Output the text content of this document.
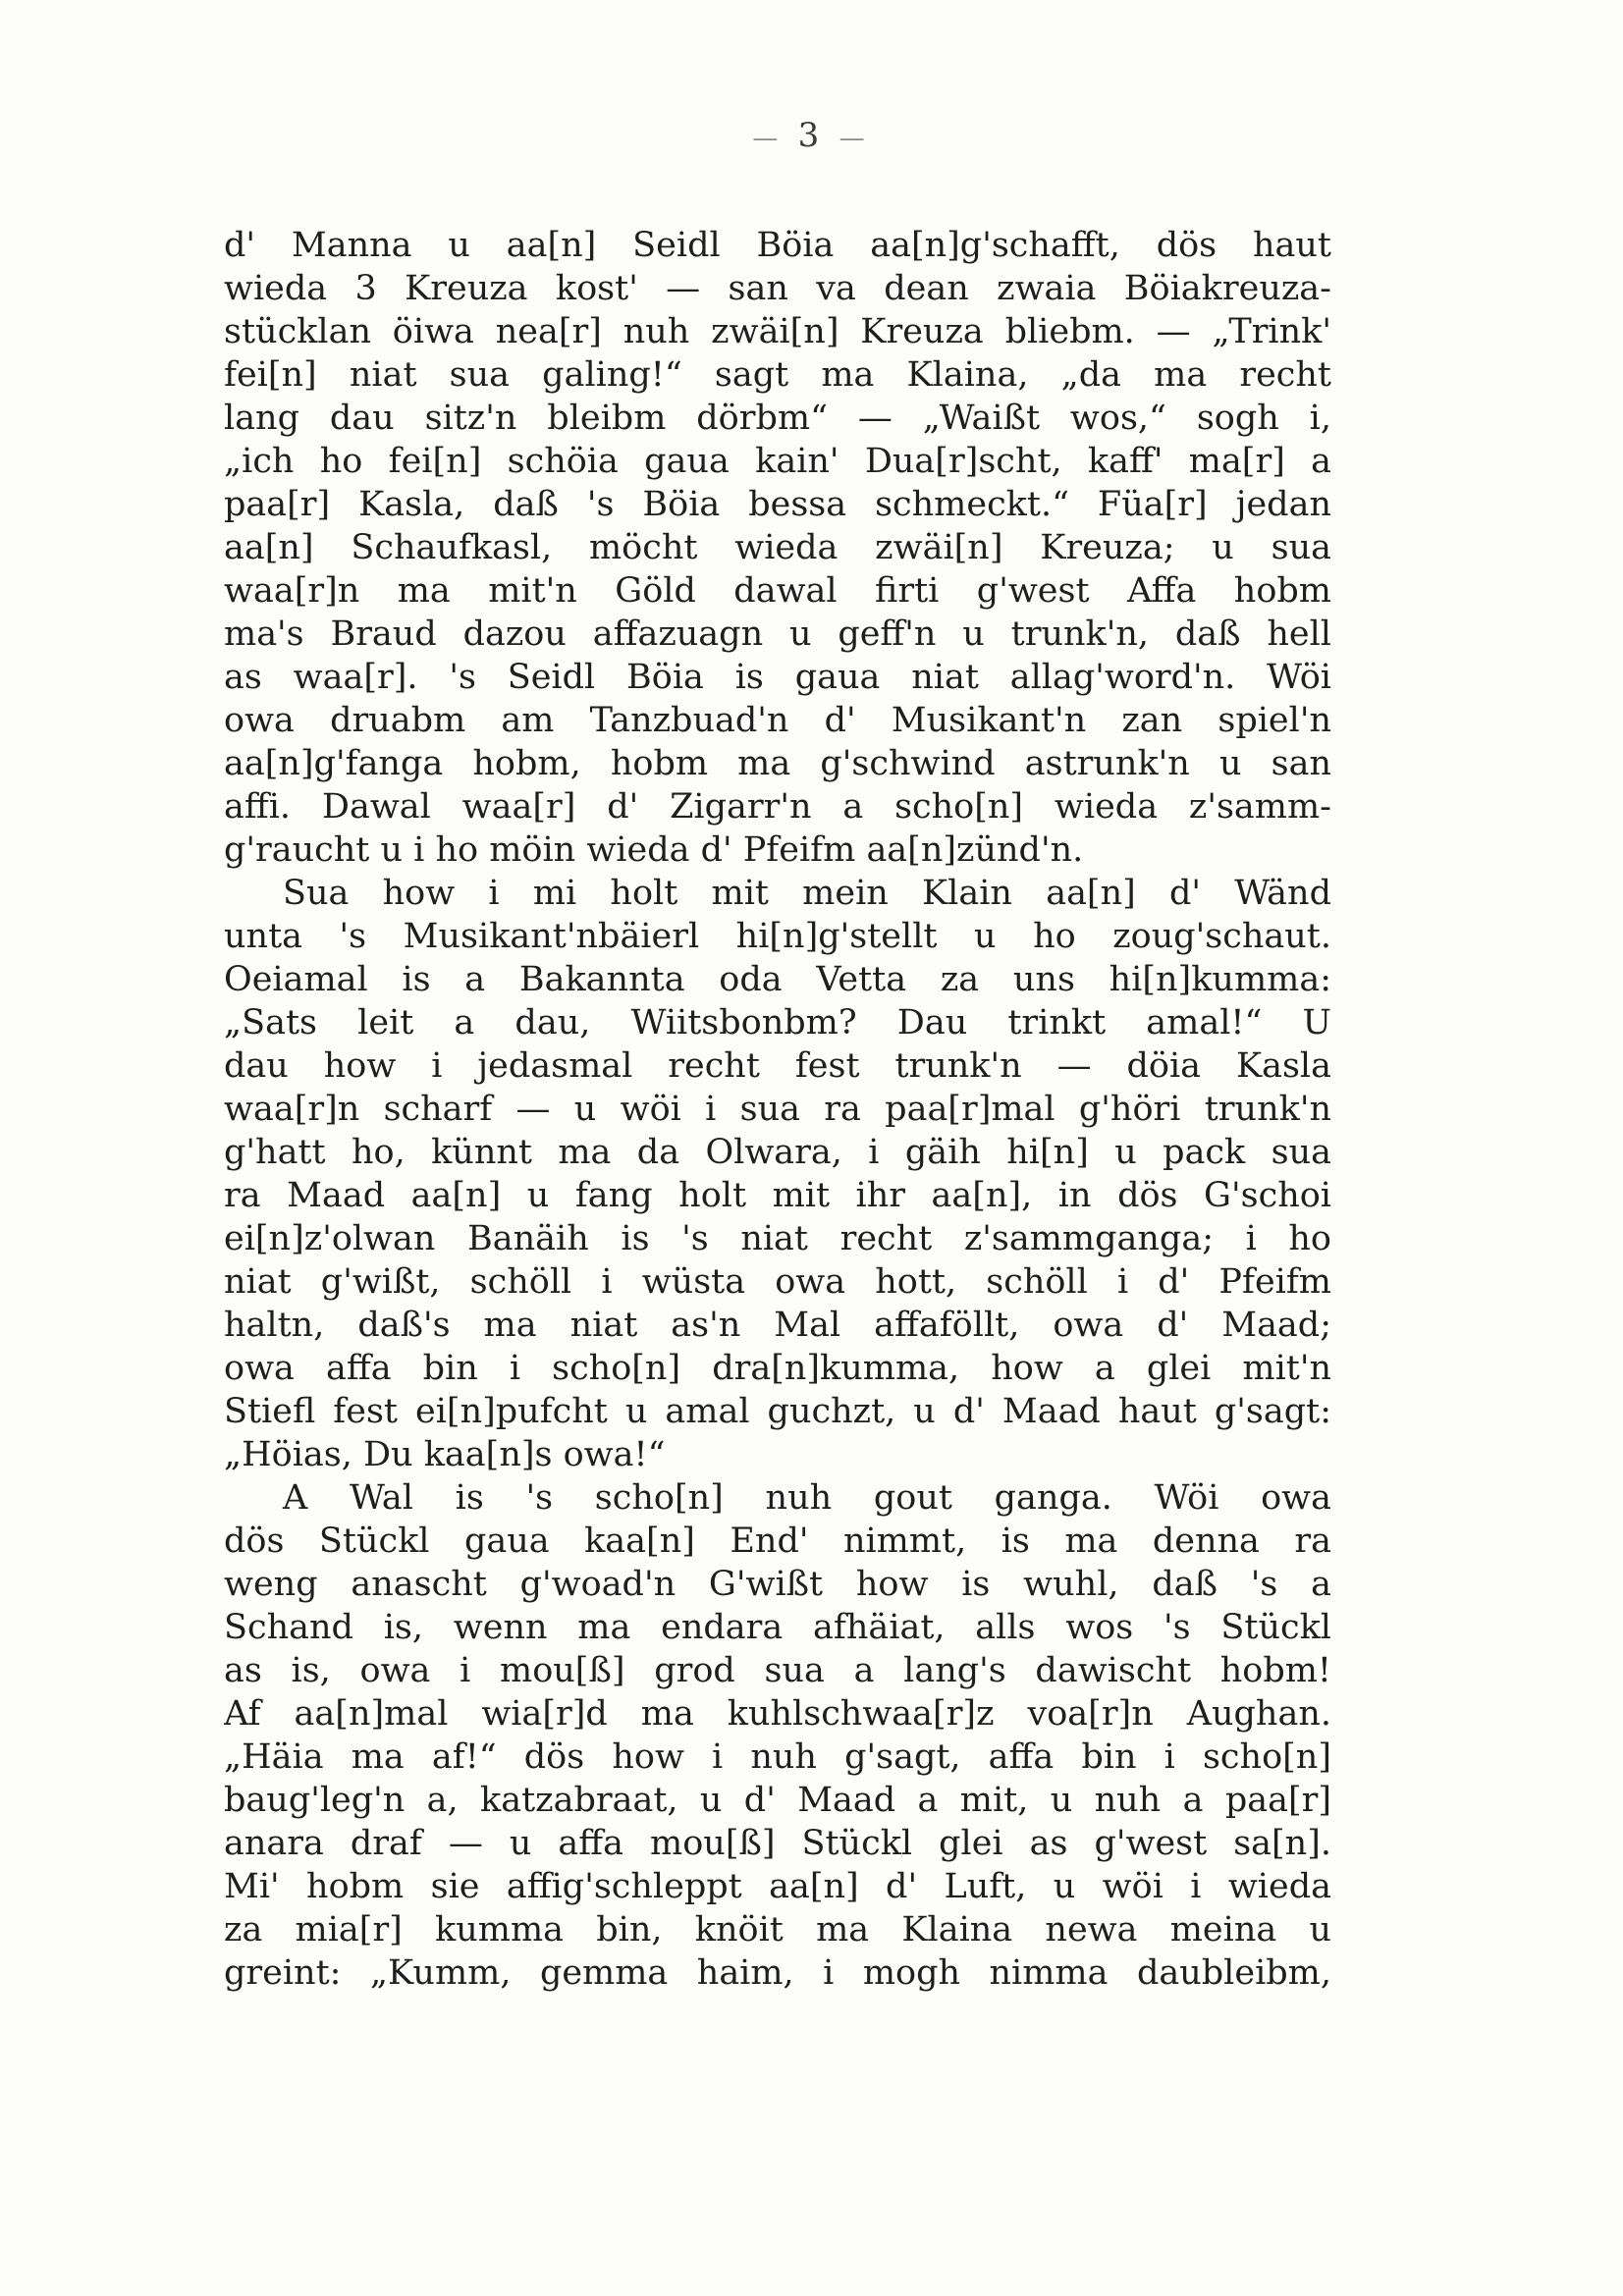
— 3 —
d' Manna u aa[n] Seidl Böia aa[n]g'schafft, dös haut
wieda 3 Kreuza kost' — san va dean zwaia Böiakreuza-
stücklan öiwa nea[r] nuh zwäi[n] Kreuza bliebm. — „Trink'
fei[n] niat sua galing!“ sagt ma Klaina, „da ma recht
lang dau sitz'n bleibm dörbm“ — „Waißt wos,“ sogh i,
„ich ho fei[n] schöia gaua kain' Dua[r]scht, kaff' ma[r] a
paa[r] Kasla, daß 's Böia bessa schmeckt.“ Füa[r] jedan
aa[n] Schaufkasl, möcht wieda zwäi[n] Kreuza; u sua
waa[r]n ma mit'n Göld dawal firti g'west Affa hobm
ma's Braud dazou affazuagn u geff'n u trunk'n, daß hell
as waa[r]. 's Seidl Böia is gaua niat allag'word'n. Wöi
owa druabm am Tanzbuad'n d' Musikant'n zan spiel'n
aa[n]g'fanga hobm, hobm ma g'schwind astrunk'n u san
affi. Dawal waa[r] d' Zigarr'n a scho[n] wieda z'samm-
g'raucht u i ho möin wieda d' Pfeifm aa[n]zünd'n.
Sua how i mi holt mit mein Klain aa[n] d' Wänd
unta 's Musikant'nbäierl hi[n]g'stellt u ho zoug'schaut.
Oeiamal is a Bakannta oda Vetta za uns hi[n]kumma:
„Sats leit a dau, Wiitsbonbm? Dau trinkt amal!“ U
dau how i jedasmal recht fest trunk'n — döia Kasla
waa[r]n scharf — u wöi i sua ra paa[r]mal g'höri trunk'n
g'hatt ho, künnt ma da Olwara, i gäih hi[n] u pack sua
ra Maad aa[n] u fang holt mit ihr aa[n], in dös G'schoi
ei[n]z'olwan Banäih is 's niat recht z'sammganga; i ho
niat g'wißt, schöll i wüsta owa hott, schöll i d' Pfeifm
haltn, daß's ma niat as'n Mal affaföllt, owa d' Maad;
owa affa bin i scho[n] dra[n]kumma, how a glei mit'n
Stiefl fest ei[n]pufcht u amal guchzt, u d' Maad haut g'sagt:
„Höias, Du kaa[n]s owa!“
A Wal is 's scho[n] nuh gout ganga. Wöi owa
dös Stückl gaua kaa[n] End' nimmt, is ma denna ra
weng anascht g'woad'n G'wißt how is wuhl, daß 's a
Schand is, wenn ma endara afhäiat, alls wos 's Stückl
as is, owa i mou[ß] grod sua a lang's dawischt hobm!
Af aa[n]mal wia[r]d ma kuhlschwaa[r]z voa[r]n Aughan.
„Häia ma af!“ dös how i nuh g'sagt, affa bin i scho[n]
baug'leg'n a, katzabraat, u d' Maad a mit, u nuh a paa[r]
anara draf — u affa mou[ß] Stückl glei as g'west sa[n].
Mi' hobm sie affig'schleppt aa[n] d' Luft, u wöi i wieda
za mia[r] kumma bin, knöit ma Klaina newa meina u
greint: „Kumm, gemma haim, i mogh nimma daubleibm,
